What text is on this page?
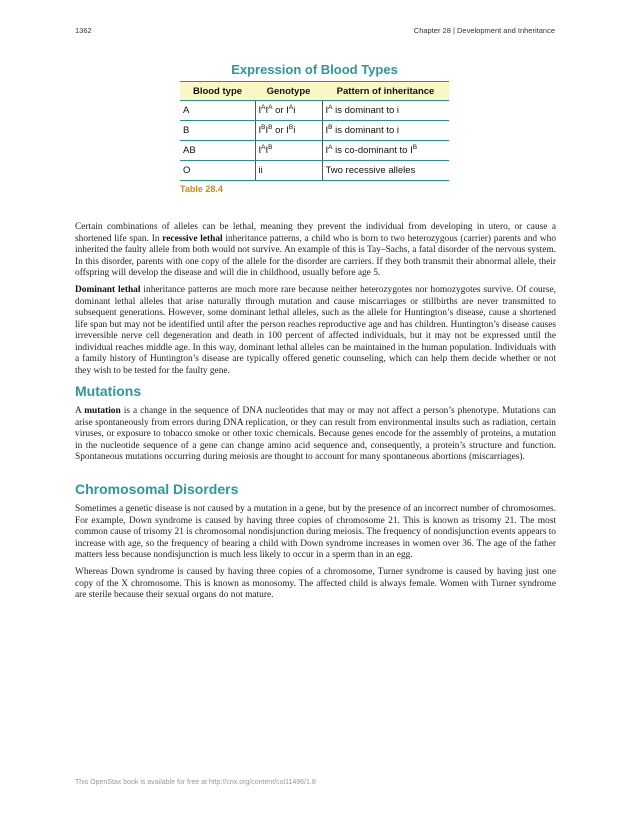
1362	Chapter 28 | Development and Inheritance
Expression of Blood Types
Blood type	Genotype	Pattern of inheritance
A	$I^AI^A$ or $I^Ai$	$I^A$ is dominant to i
B	$I^BI^B$ or $I^Bi$	$I^B$ is dominant to i
AB	$I^AI^B$	$I^A$ is co-dominant to $I^B$
O	ii	Two recessive alleles
Table 28.4

Certain combinations of alleles can be lethal, meaning they prevent the individual from developing in utero, or cause a shortened life span. In recessive lethal inheritance patterns, a child who is born to two heterozygous (carrier) parents and who inherited the faulty allele from both would not survive. An example of this is Tay–Sachs, a fatal disorder of the nervous system. In this disorder, parents with one copy of the allele for the disorder are carriers. If they both transmit their abnormal allele, their offspring will develop the disease and will die in childhood, usually before age 5.

Dominant lethal inheritance patterns are much more rare because neither heterozygotes nor homozygotes survive. Of course, dominant lethal alleles that arise naturally through mutation and cause miscarriages or stillbirths are never transmitted to subsequent generations. However, some dominant lethal alleles, such as the allele for Huntington’s disease, cause a shortened life span but may not be identified until after the person reaches reproductive age and has children. Huntington’s disease causes irreversible nerve cell degeneration and death in 100 percent of affected individuals, but it may not be expressed until the individual reaches middle age. In this way, dominant lethal alleles can be maintained in the human population. Individuals with a family history of Huntington’s disease are typically offered genetic counseling, which can help them decide whether or not they wish to be tested for the faulty gene.

Mutations

A mutation is a change in the sequence of DNA nucleotides that may or may not affect a person’s phenotype. Mutations can arise spontaneously from errors during DNA replication, or they can result from environmental insults such as radiation, certain viruses, or exposure to tobacco smoke or other toxic chemicals. Because genes encode for the assembly of proteins, a mutation in the nucleotide sequence of a gene can change amino acid sequence and, consequently, a protein’s structure and function. Spontaneous mutations occurring during meiosis are thought to account for many spontaneous abortions (miscarriages).

Chromosomal Disorders

Sometimes a genetic disease is not caused by a mutation in a gene, but by the presence of an incorrect number of chromosomes. For example, Down syndrome is caused by having three copies of chromosome 21. This is known as trisomy 21. The most common cause of trisomy 21 is chromosomal nondisjunction during meiosis. The frequency of nondisjunction events appears to increase with age, so the frequency of bearing a child with Down syndrome increases in women over 36. The age of the father matters less because nondisjunction is much less likely to occur in a sperm than in an egg.

Whereas Down syndrome is caused by having three copies of a chromosome, Turner syndrome is caused by having just one copy of the X chromosome. This is known as monosomy. The affected child is always female. Women with Turner syndrome are sterile because their sexual organs do not mature.

This OpenStax book is available for free at http://cnx.org/content/col11496/1.8
